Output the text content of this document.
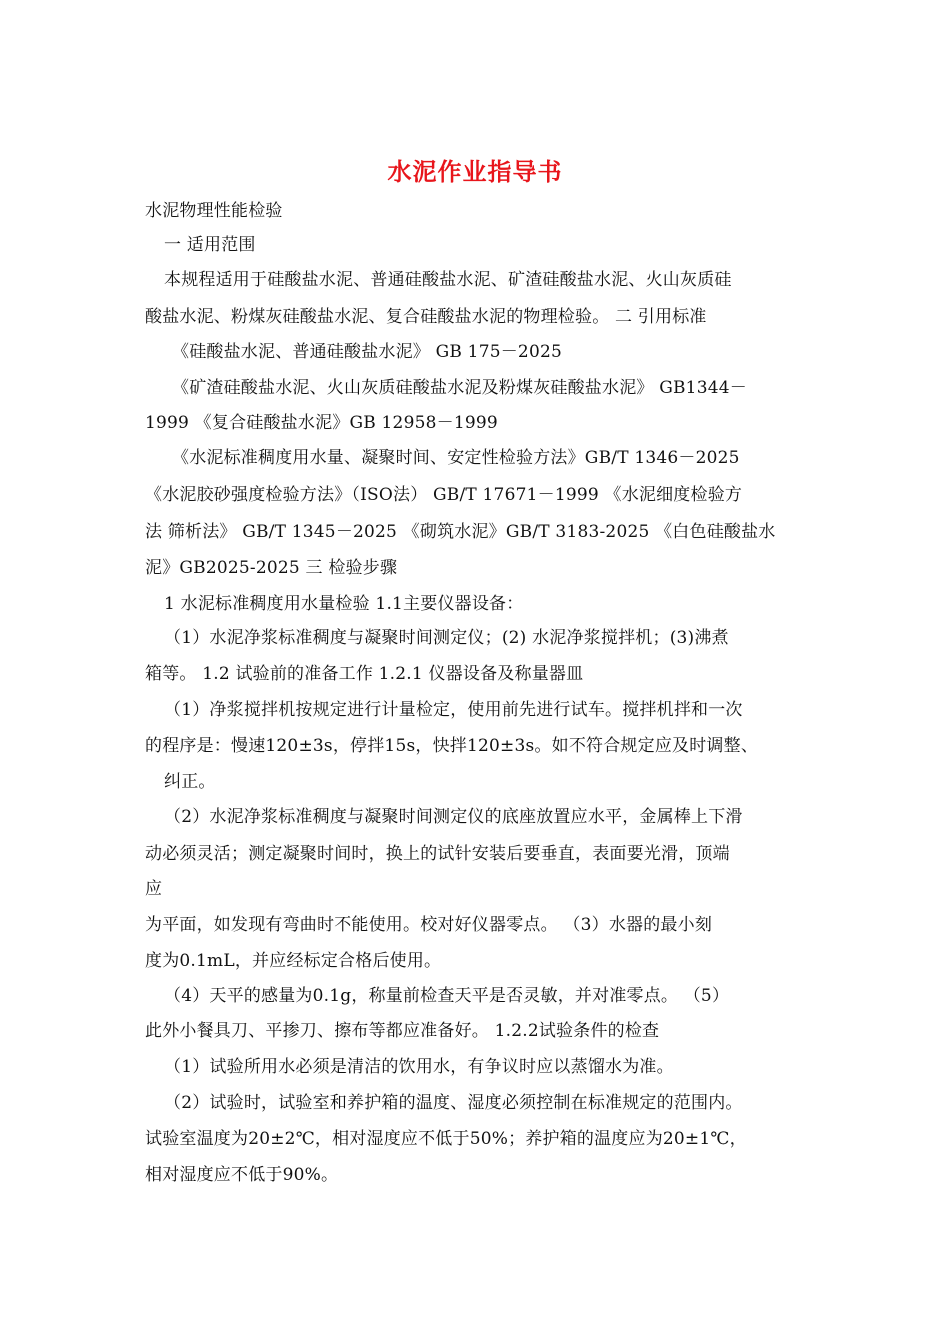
水泥作业指导书
水泥物理性能检验
一 适用范围
本规程适用于硅酸盐水泥、普通硅酸盐水泥、矿渣硅酸盐水泥、火山灰质硅
酸盐水泥、粉煤灰硅酸盐水泥、复合硅酸盐水泥的物理检验。 二 引用标准
《硅酸盐水泥、普通硅酸盐水泥》 GB 175－2025
《矿渣硅酸盐水泥、火山灰质硅酸盐水泥及粉煤灰硅酸盐水泥》 GB1344－
1999 《复合硅酸盐水泥》GB 12958－1999
《水泥标准稠度用水量、凝聚时间、安定性检验方法》GB/T 1346－2025
《水泥胶砂强度检验方法》（ISO法） GB/T 17671－1999 《水泥细度检验方
法 筛析法》 GB/T 1345－2025 《砌筑水泥》GB/T 3183-2025 《白色硅酸盐水
泥》GB2025-2025 三 检验步骤
1 水泥标准稠度用水量检验 1.1主要仪器设备：
（1）水泥净浆标准稠度与凝聚时间测定仪；(2) 水泥净浆搅拌机；(3)沸煮
箱等。 1.2 试验前的准备工作 1.2.1 仪器设备及称量器皿
（1）净浆搅拌机按规定进行计量检定，使用前先进行试车。搅拌机拌和一次
的程序是：慢速120±3s，停拌15s，快拌120±3s。如不符合规定应及时调整、
纠正。
（2）水泥净浆标准稠度与凝聚时间测定仪的底座放置应水平，金属棒上下滑
动必须灵活；测定凝聚时间时，换上的试针安装后要垂直，表面要光滑，顶端
应
为平面，如发现有弯曲时不能使用。校对好仪器零点。 （3）水器的最小刻
度为0.1mL，并应经标定合格后使用。
（4）天平的感量为0.1g，称量前检查天平是否灵敏，并对准零点。 （5）
此外小餐具刀、平掺刀、擦布等都应准备好。 1.2.2试验条件的检查
（1）试验所用水必须是清洁的饮用水，有争议时应以蒸馏水为准。
（2）试验时，试验室和养护箱的温度、湿度必须控制在标准规定的范围内。
试验室温度为20±2℃，相对湿度应不低于50%；养护箱的温度应为20±1℃，
相对湿度应不低于90%。
